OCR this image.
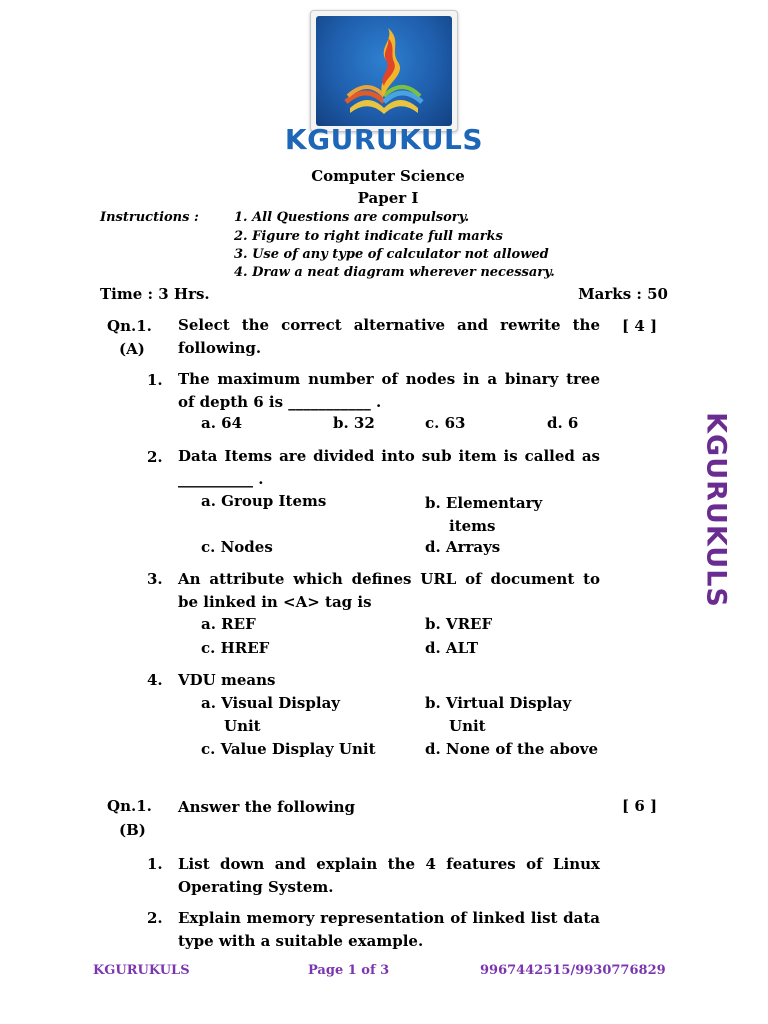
KGURUKULS
Computer Science
Paper I
Instructions :	1. All Questions are compulsory.
2. Figure to right indicate full marks
3. Use of any type of calculator not allowed
4. Draw a neat diagram wherever necessary.
Time : 3 Hrs.	Marks : 50
Qn.1.
(A)
Select the correct alternative and rewrite the
following.
[ 4 ]
1. The maximum number of nodes in a binary tree of depth 6 is ___________ .
a. 64	b. 32	c. 63	d. 6
2. Data Items are divided into sub item is called as __________ .
a. Group Items	b. Elementary items
c. Nodes	d. Arrays
3. An attribute which defines URL of document to be linked in <A> tag is
a. REF	b. VREF
c. HREF	d. ALT
4. VDU means
a. Visual Display Unit
b. Virtual Display Unit
c. Value Display Unit	d. None of the above
Qn.1.
(B)
Answer the following	[ 6 ]
1. List down and explain the 4 features of Linux Operating System.
2. Explain memory representation of linked list data type with a suitable example.
KGURUKULS
KGURUKULS	Page 1 of 3	9967442515/9930776829
